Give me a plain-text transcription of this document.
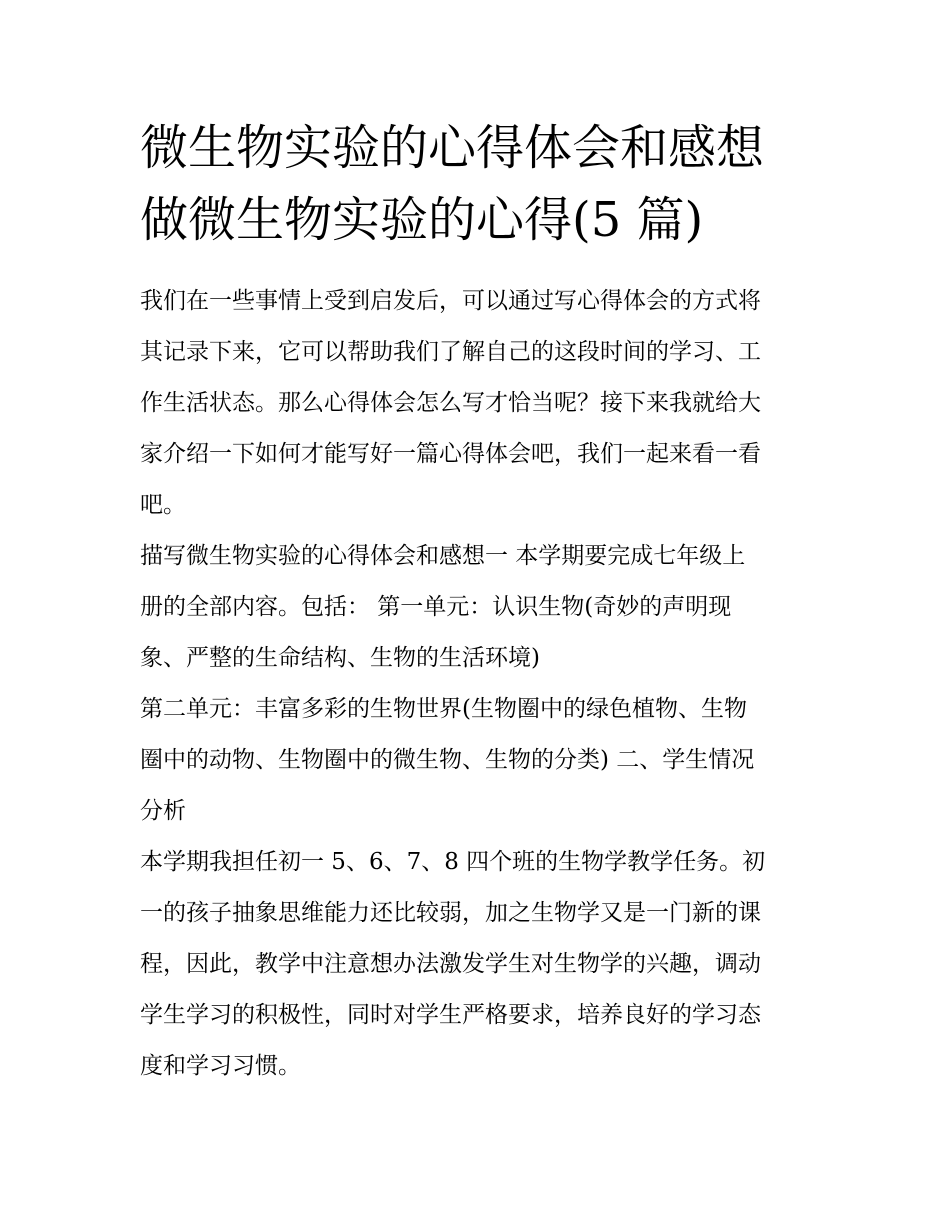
微生物实验的心得体会和感想
做微生物实验的心得(5 篇)

我们在一些事情上受到启发后，可以通过写心得体会的方式将
其记录下来，它可以帮助我们了解自己的这段时间的学习、工
作生活状态。那么心得体会怎么写才恰当呢？接下来我就给大
家介绍一下如何才能写好一篇心得体会吧，我们一起来看一看
吧。

描写微生物实验的心得体会和感想一 本学期要完成七年级上
册的全部内容。包括： 第一单元：认识生物(奇妙的声明现
象、严整的生命结构、生物的生活环境)

第二单元：丰富多彩的生物世界(生物圈中的绿色植物、生物
圈中的动物、生物圈中的微生物、生物的分类) 二、学生情况
分析

本学期我担任初一 5、6、7、8 四个班的生物学教学任务。初
一的孩子抽象思维能力还比较弱，加之生物学又是一门新的课
程，因此，教学中注意想办法激发学生对生物学的兴趣，调动
学生学习的积极性，同时对学生严格要求，培养良好的学习态
度和学习习惯。
